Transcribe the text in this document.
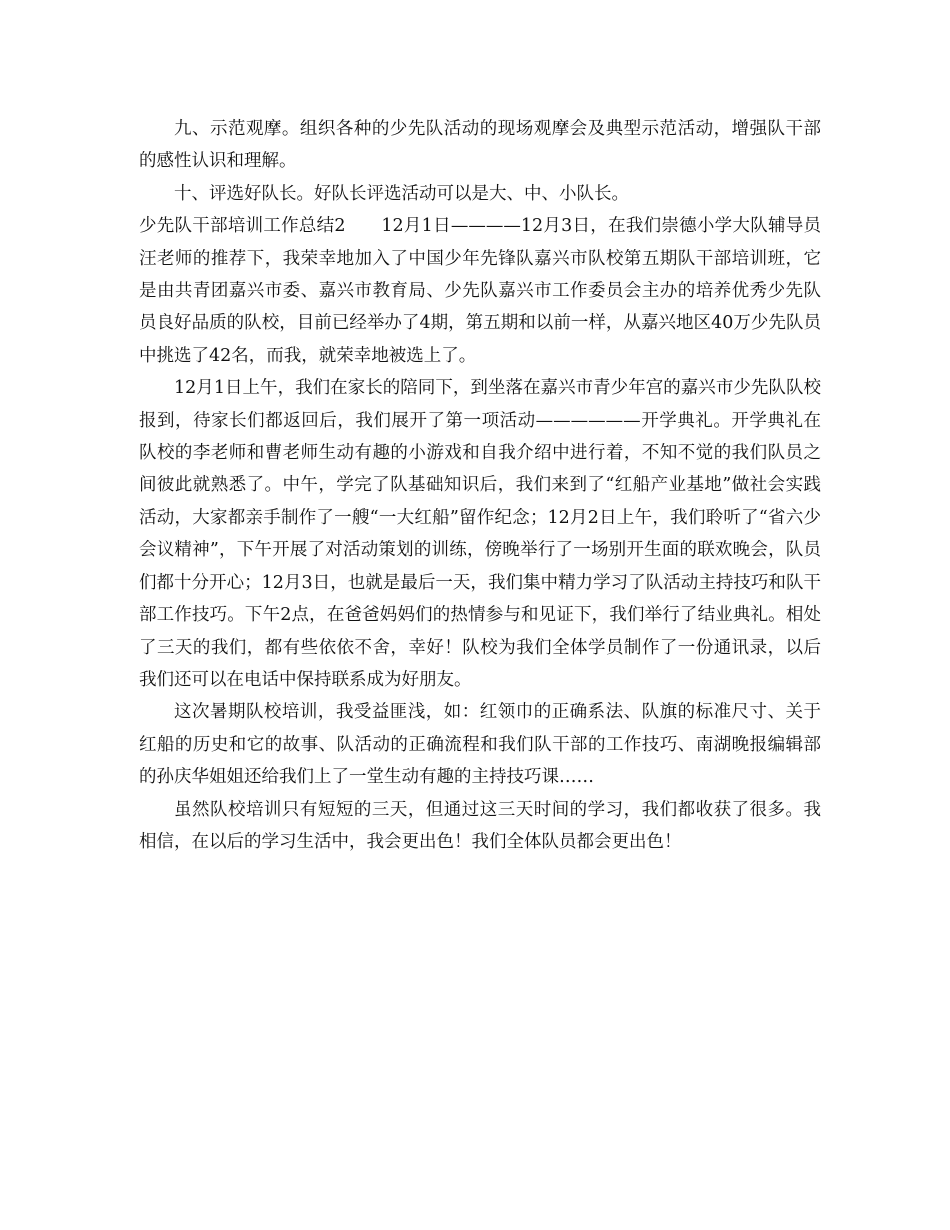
九、示范观摩。组织各种的少先队活动的现场观摩会及典型示范活动，增强队干部的感性认识和理解。

十、评选好队长。好队长评选活动可以是大、中、小队长。

少先队干部培训工作总结2　　12月1日————12月3日，在我们崇德小学大队辅导员汪老师的推荐下，我荣幸地加入了中国少年先锋队嘉兴市队校第五期队干部培训班，它是由共青团嘉兴市委、嘉兴市教育局、少先队嘉兴市工作委员会主办的培养优秀少先队员良好品质的队校，目前已经举办了4期，第五期和以前一样，从嘉兴地区40万少先队员中挑选了42名，而我，就荣幸地被选上了。

12月1日上午，我们在家长的陪同下，到坐落在嘉兴市青少年宫的嘉兴市少先队队校报到，待家长们都返回后，我们展开了第一项活动——————开学典礼。开学典礼在队校的李老师和曹老师生动有趣的小游戏和自我介绍中进行着，不知不觉的我们队员之间彼此就熟悉了。中午，学完了队基础知识后，我们来到了“红船产业基地”做社会实践活动，大家都亲手制作了一艘“一大红船”留作纪念；12月2日上午，我们聆听了“省六少会议精神”，下午开展了对活动策划的训练，傍晚举行了一场别开生面的联欢晚会，队员们都十分开心；12月3日，也就是最后一天，我们集中精力学习了队活动主持技巧和队干部工作技巧。下午2点，在爸爸妈妈们的热情参与和见证下，我们举行了结业典礼。相处了三天的我们，都有些依依不舍，幸好！队校为我们全体学员制作了一份通讯录，以后我们还可以在电话中保持联系成为好朋友。

这次暑期队校培训，我受益匪浅，如：红领巾的正确系法、队旗的标准尺寸、关于红船的历史和它的故事、队活动的正确流程和我们队干部的工作技巧、南湖晚报编辑部的孙庆华姐姐还给我们上了一堂生动有趣的主持技巧课……

虽然队校培训只有短短的三天，但通过这三天时间的学习，我们都收获了很多。我相信，在以后的学习生活中，我会更出色！我们全体队员都会更出色！
